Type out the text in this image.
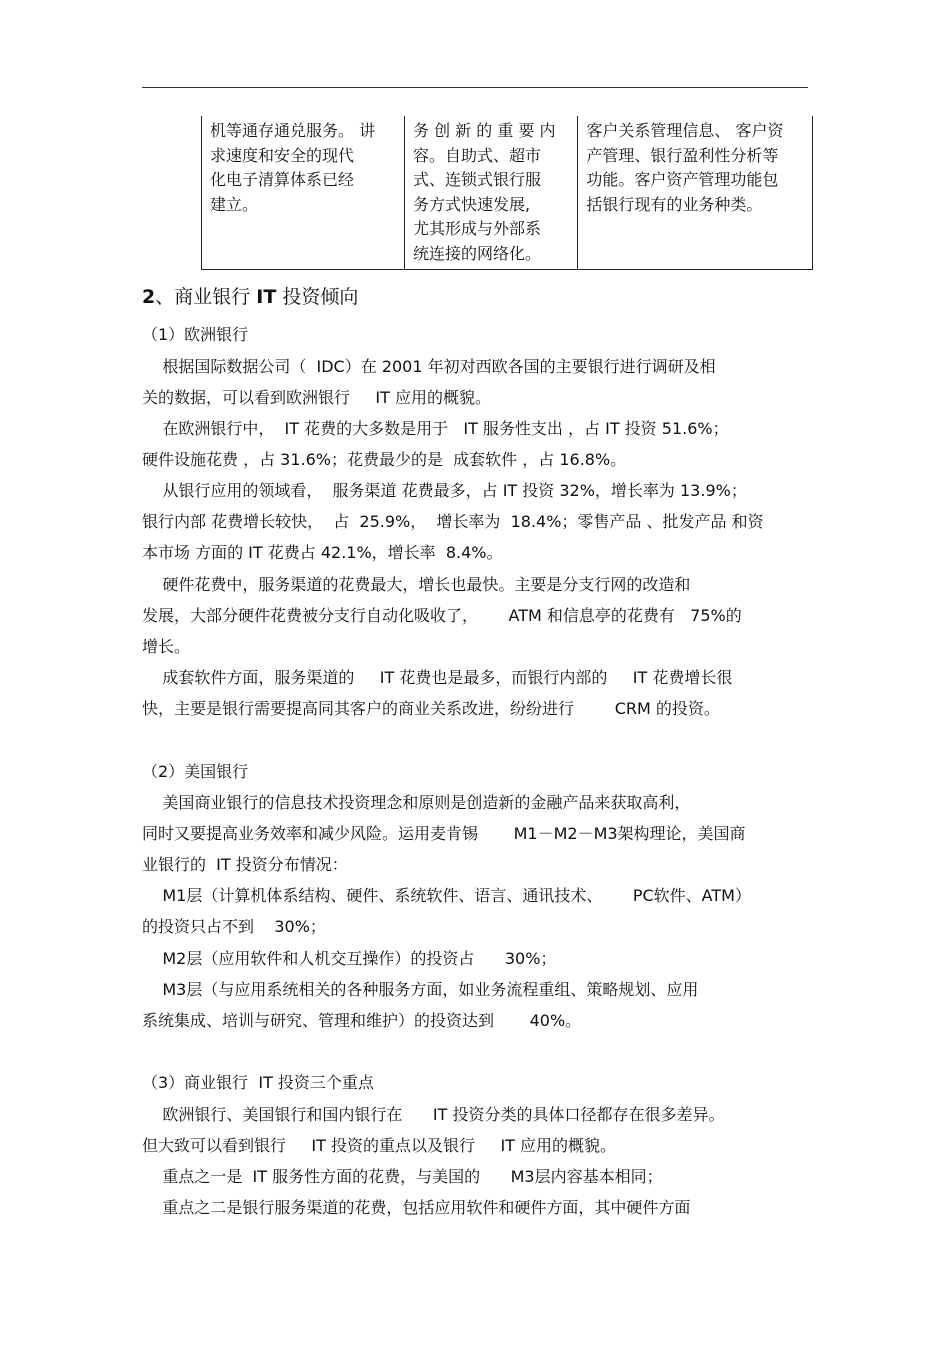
机等通存通兑服务。 讲
求速度和安全的现代
化电子清算体系已经
建立。

务 创 新 的 重 要 内
容。自助式、超市
式、连锁式银行服
务方式快速发展,
尤其形成与外部系
统连接的网络化。

客户关系管理信息、 客户资
产管理、银行盈利性分析等
功能。客户资产管理功能包
括银行现有的业务种类。
2、商业银行 IT 投资倾向
（1）欧洲银行
根据国际数据公司（  IDC）在 2001 年初对西欧各国的主要银行进行调研及相
关的数据，可以看到欧洲银行     IT 应用的概貌。
在欧洲银行中，  IT 花费的大多数是用于   IT 服务性支出 ，占 IT 投资 51.6%；
硬件设施花费 ，占 31.6%；花费最少的是  成套软件 ，占 16.8%。
从银行应用的领域看，  服务渠道 花费最多，占 IT 投资 32%，增长率为 13.9%；
银行内部 花费增长较快，  占  25.9%，  增长率为  18.4%；零售产品 、批发产品 和资
本市场 方面的 IT 花费占 42.1%，增长率  8.4%。
硬件花费中，服务渠道的花费最大，增长也最快。主要是分支行网的改造和
发展，大部分硬件花费被分支行自动化吸收了，      ATM 和信息亭的花费有   75%的
增长。
成套软件方面，服务渠道的     IT 花费也是最多，而银行内部的     IT 花费增长很
快，主要是银行需要提高同其客户的商业关系改进，纷纷进行        CRM 的投资。
（2）美国银行
美国商业银行的信息技术投资理念和原则是创造新的金融产品来获取高利，
同时又要提高业务效率和减少风险。运用麦肯锡       M1－M2－M3架构理论，美国商
业银行的  IT 投资分布情况：
M1层（计算机体系结构、硬件、系统软件、语言、通讯技术、      PC软件、ATM）
的投资只占不到    30%；
M2层（应用软件和人机交互操作）的投资占      30%；
M3层（与应用系统相关的各种服务方面，如业务流程重组、策略规划、应用
系统集成、培训与研究、管理和维护）的投资达到       40%。
（3）商业银行  IT 投资三个重点
欧洲银行、美国银行和国内银行在      IT 投资分类的具体口径都存在很多差异。
但大致可以看到银行     IT 投资的重点以及银行     IT 应用的概貌。
重点之一是  IT 服务性方面的花费，与美国的      M3层内容基本相同；
重点之二是银行服务渠道的花费，包括应用软件和硬件方面，其中硬件方面
